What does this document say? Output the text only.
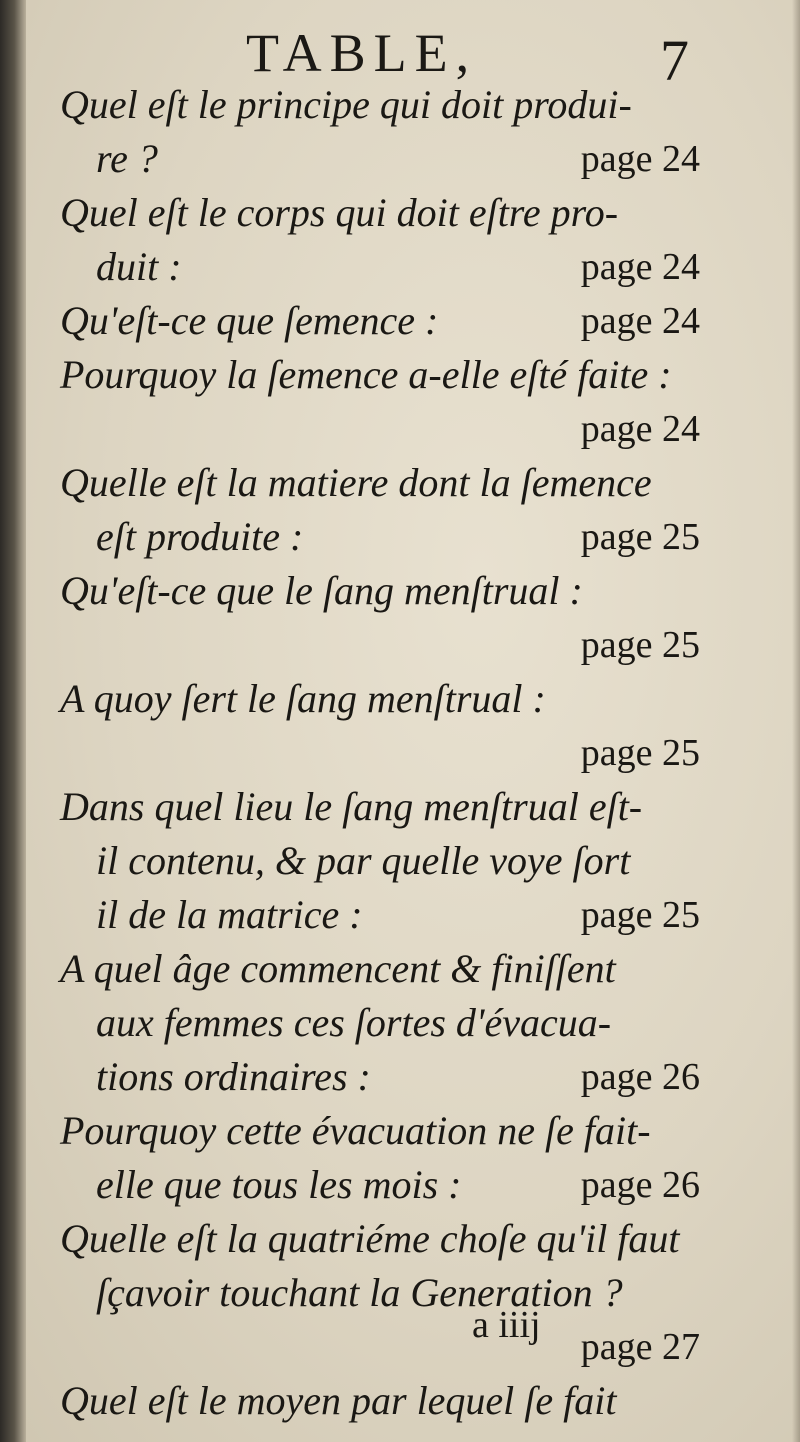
TABLE,	7
Quel eſt le principe qui doit produi-
re ?	page 24
Quel eſt le corps qui doit eſtre pro-
duit :	page 24
Qu'eſt-ce que ſemence :	page 24
Pourquoy la ſemence a-elle eſté faite :
page 24
Quelle eſt la matiere dont la ſemence
eſt produite :	page 25
Qu'eſt-ce que le ſang menſtrual :
page 25
A quoy ſert le ſang menſtrual :
page 25
Dans quel lieu le ſang menſtrual eſt-
il contenu, & par quelle voye ſort
il de la matrice :	page 25
A quel âge commencent & finiſſent
aux femmes ces ſortes d'évacua-
tions ordinaires :	page 26
Pourquoy cette évacuation ne ſe fait-
elle que tous les mois :	page 26
Quelle eſt la quatriéme choſe qu'il faut
ſçavoir touchant la Generation ?
page 27
Quel eſt le moyen par lequel ſe fait
a iiij
